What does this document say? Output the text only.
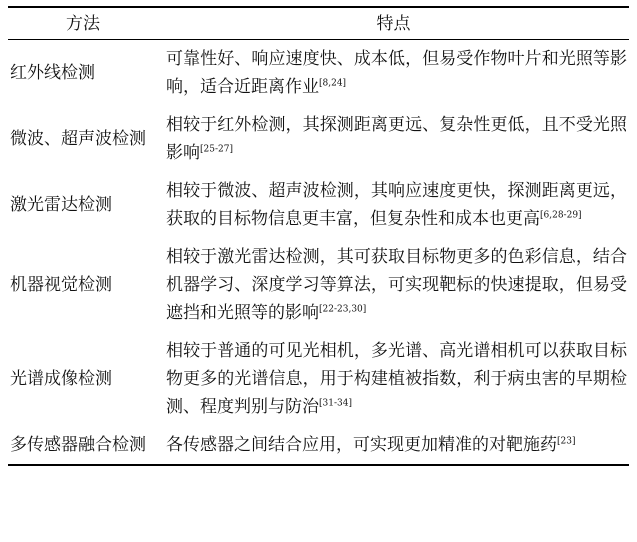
方法	特点
红外线检测	可靠性好、响应速度快、成本低，但易受作物叶片和光照等影响，适合近距离作业[8,24]
微波、超声波检测	相较于红外检测，其探测距离更远、复杂性更低，且不受光照影响[25-27]
激光雷达检测	相较于微波、超声波检测，其响应速度更快，探测距离更远，获取的目标物信息更丰富，但复杂性和成本也更高[6,28-29]
机器视觉检测	相较于激光雷达检测，其可获取目标物更多的色彩信息，结合机器学习、深度学习等算法，可实现靶标的快速提取，但易受遮挡和光照等的影响[22-23,30]
光谱成像检测	相较于普通的可见光相机，多光谱、高光谱相机可以获取目标物更多的光谱信息，用于构建植被指数，利于病虫害的早期检测、程度判别与防治[31-34]
多传感器融合检测	各传感器之间结合应用，可实现更加精准的对靶施药[23]
